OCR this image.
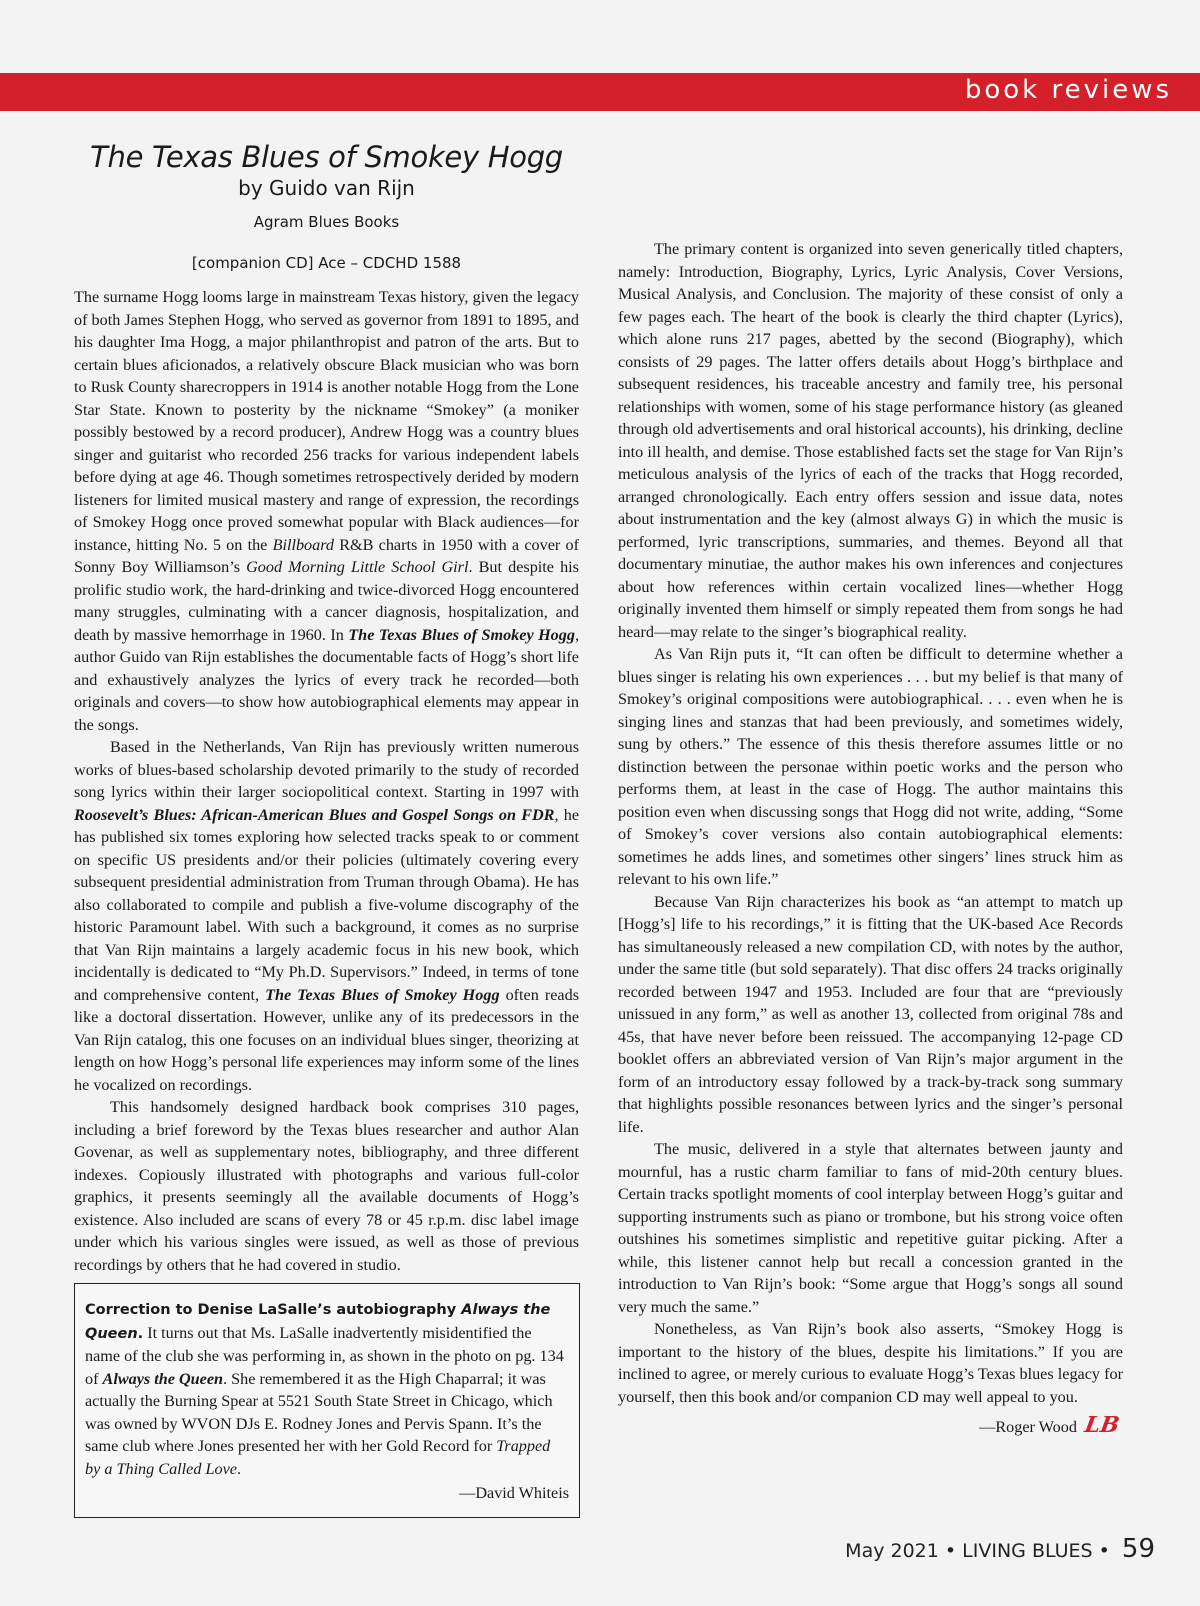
book reviews
The Texas Blues of Smokey Hogg
by Guido van Rijn
Agram Blues Books
[companion CD] Ace – CDCHD 1588

The surname Hogg looms large in mainstream Texas history, given the legacy of both James Stephen Hogg, who served as governor from 1891 to 1895, and his daughter Ima Hogg, a major philanthropist and patron of the arts. But to certain blues aficionados, a relatively obscure Black musician who was born to Rusk County sharecroppers in 1914 is another notable Hogg from the Lone Star State. Known to posterity by the nickname “Smokey” (a moniker possibly bestowed by a record producer), Andrew Hogg was a country blues singer and guitarist who recorded 256 tracks for various independent labels before dying at age 46. Though sometimes retrospectively derided by modern listeners for limited musical mastery and range of expression, the recordings of Smokey Hogg once proved somewhat popular with Black audiences—for instance, hitting No. 5 on the Billboard R&B charts in 1950 with a cover of Sonny Boy Williamson’s Good Morning Little School Girl. But despite his prolific studio work, the hard-drinking and twice-divorced Hogg encountered many struggles, culminating with a cancer diagnosis, hospitalization, and death by massive hemorrhage in 1960. In The Texas Blues of Smokey Hogg, author Guido van Rijn establishes the documentable facts of Hogg’s short life and exhaustively analyzes the lyrics of every track he recorded—both originals and covers—to show how autobiographical elements may appear in the songs.

Based in the Netherlands, Van Rijn has previously written numerous works of blues-based scholarship devoted primarily to the study of recorded song lyrics within their larger sociopolitical context. Starting in 1997 with Roosevelt’s Blues: African-American Blues and Gospel Songs on FDR, he has published six tomes exploring how selected tracks speak to or comment on specific US presidents and/or their policies (ultimately covering every subsequent presidential administration from Truman through Obama). He has also collaborated to compile and publish a five-volume discography of the historic Paramount label. With such a background, it comes as no surprise that Van Rijn maintains a largely academic focus in his new book, which incidentally is dedicated to “My Ph.D. Supervisors.” Indeed, in terms of tone and comprehensive content, The Texas Blues of Smokey Hogg often reads like a doctoral dissertation. However, unlike any of its predecessors in the Van Rijn catalog, this one focuses on an individual blues singer, theorizing at length on how Hogg’s personal life experiences may inform some of the lines he vocalized on recordings.

This handsomely designed hardback book comprises 310 pages, including a brief foreword by the Texas blues researcher and author Alan Govenar, as well as supplementary notes, bibliography, and three different indexes. Copiously illustrated with photographs and various full-color graphics, it presents seemingly all the available documents of Hogg’s existence. Also included are scans of every 78 or 45 r.p.m. disc label image under which his various singles were issued, as well as those of previous recordings by others that he had covered in studio.

The primary content is organized into seven generically titled chapters, namely: Introduction, Biography, Lyrics, Lyric Analysis, Cover Versions, Musical Analysis, and Conclusion. The majority of these consist of only a few pages each. The heart of the book is clearly the third chapter (Lyrics), which alone runs 217 pages, abetted by the second (Biography), which consists of 29 pages. The latter offers details about Hogg’s birthplace and subsequent residences, his traceable ancestry and family tree, his personal relationships with women, some of his stage performance history (as gleaned through old advertisements and oral historical accounts), his drinking, decline into ill health, and demise. Those established facts set the stage for Van Rijn’s meticulous analysis of the lyrics of each of the tracks that Hogg recorded, arranged chronologically. Each entry offers session and issue data, notes about instrumentation and the key (almost always G) in which the music is performed, lyric transcriptions, summaries, and themes. Beyond all that documentary minutiae, the author makes his own inferences and conjectures about how references within certain vocalized lines—whether Hogg originally invented them himself or simply repeated them from songs he had heard—may relate to the singer’s biographical reality.

As Van Rijn puts it, “It can often be difficult to determine whether a blues singer is relating his own experiences . . . but my belief is that many of Smokey’s original compositions were autobiographical. . . . even when he is singing lines and stanzas that had been previously, and sometimes widely, sung by others.” The essence of this thesis therefore assumes little or no distinction between the personae within poetic works and the person who performs them, at least in the case of Hogg. The author maintains this position even when discussing songs that Hogg did not write, adding, “Some of Smokey’s cover versions also contain autobiographical elements: sometimes he adds lines, and sometimes other singers’ lines struck him as relevant to his own life.”

Because Van Rijn characterizes his book as “an attempt to match up [Hogg’s] life to his recordings,” it is fitting that the UK-based Ace Records has simultaneously released a new compilation CD, with notes by the author, under the same title (but sold separately). That disc offers 24 tracks originally recorded between 1947 and 1953. Included are four that are “previously unissued in any form,” as well as another 13, collected from original 78s and 45s, that have never before been reissued. The accompanying 12-page CD booklet offers an abbreviated version of Van Rijn’s major argument in the form of an introductory essay followed by a track-by-track song summary that highlights possible resonances between lyrics and the singer’s personal life.

The music, delivered in a style that alternates between jaunty and mournful, has a rustic charm familiar to fans of mid-20th century blues. Certain tracks spotlight moments of cool interplay between Hogg’s guitar and supporting instruments such as piano or trombone, but his strong voice often outshines his sometimes simplistic and repetitive guitar picking. After a while, this listener cannot help but recall a concession granted in the introduction to Van Rijn’s book: “Some argue that Hogg’s songs all sound very much the same.”

Nonetheless, as Van Rijn’s book also asserts, “Smokey Hogg is important to the history of the blues, despite his limitations.” If you are inclined to agree, or merely curious to evaluate Hogg’s Texas blues legacy for yourself, then this book and/or companion CD may well appeal to you.

—Roger Wood LB
Correction to Denise LaSalle’s autobiography Always the Queen. It turns out that Ms. LaSalle inadvertently misidentified the name of the club she was performing in, as shown in the photo on pg. 134 of Always the Queen. She remembered it as the High Chaparral; it was actually the Burning Spear at 5521 South State Street in Chicago, which was owned by WVON DJs E. Rodney Jones and Pervis Spann. It’s the same club where Jones presented her with her Gold Record for Trapped by a Thing Called Love.
—David Whiteis
May 2021 • LIVING BLUES • 59
